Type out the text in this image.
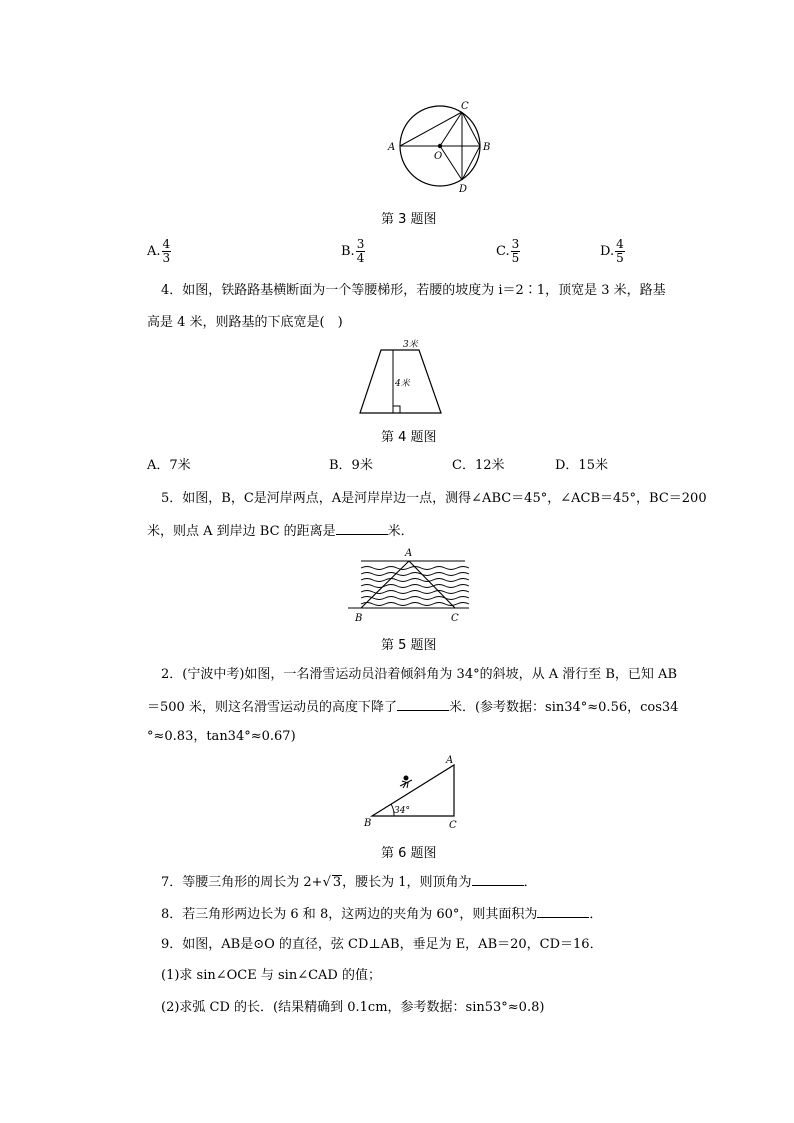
A	B
C
D
O
第 3 题图
A. $\frac{4}{3}$	B. $\frac{3}{4}$	C. $\frac{3}{5}$	D. $\frac{4}{5}$
4．如图，铁路路基横断面为一个等腰梯形，若腰的坡度为 i＝2∶1，顶宽是 3 米，路基
高是 4 米，则路基的下底宽是(　)
3米
4米
第 4 题图
A．7米	B．9米	C．12米	D．15米
5．如图，B，C是河岸两点，A是河岸岸边一点，测得∠ABC＝45°，∠ACB＝45°，BC＝200
米，则点 A 到岸边 BC 的距离是	米．
A
B	C
第 5 题图
2．(宁波中考)如图，一名滑雪运动员沿着倾斜角为 34°的斜坡，从 A 滑行至 B，已知 AB
＝500 米，则这名滑雪运动员的高度下降了	米．(参考数据：sin34°≈0.56，cos34
°≈0.83，tan34°≈0.67)
34°
A
B	C
第 6 题图
7．等腰三角形的周长为 2+√ 3，腰长为 1，则顶角为	．
8．若三角形两边长为 6 和 8，这两边的夹角为 60°，则其面积为	．
9．如图，AB是⊙O 的直径，弦 CD⊥AB，垂足为 E，AB＝20，CD＝16．
(1)求 sin∠OCE 与 sin∠CAD 的值；
(2)求弧 CD 的长．(结果精确到 0.1cm，参考数据：sin53°≈0.8)
